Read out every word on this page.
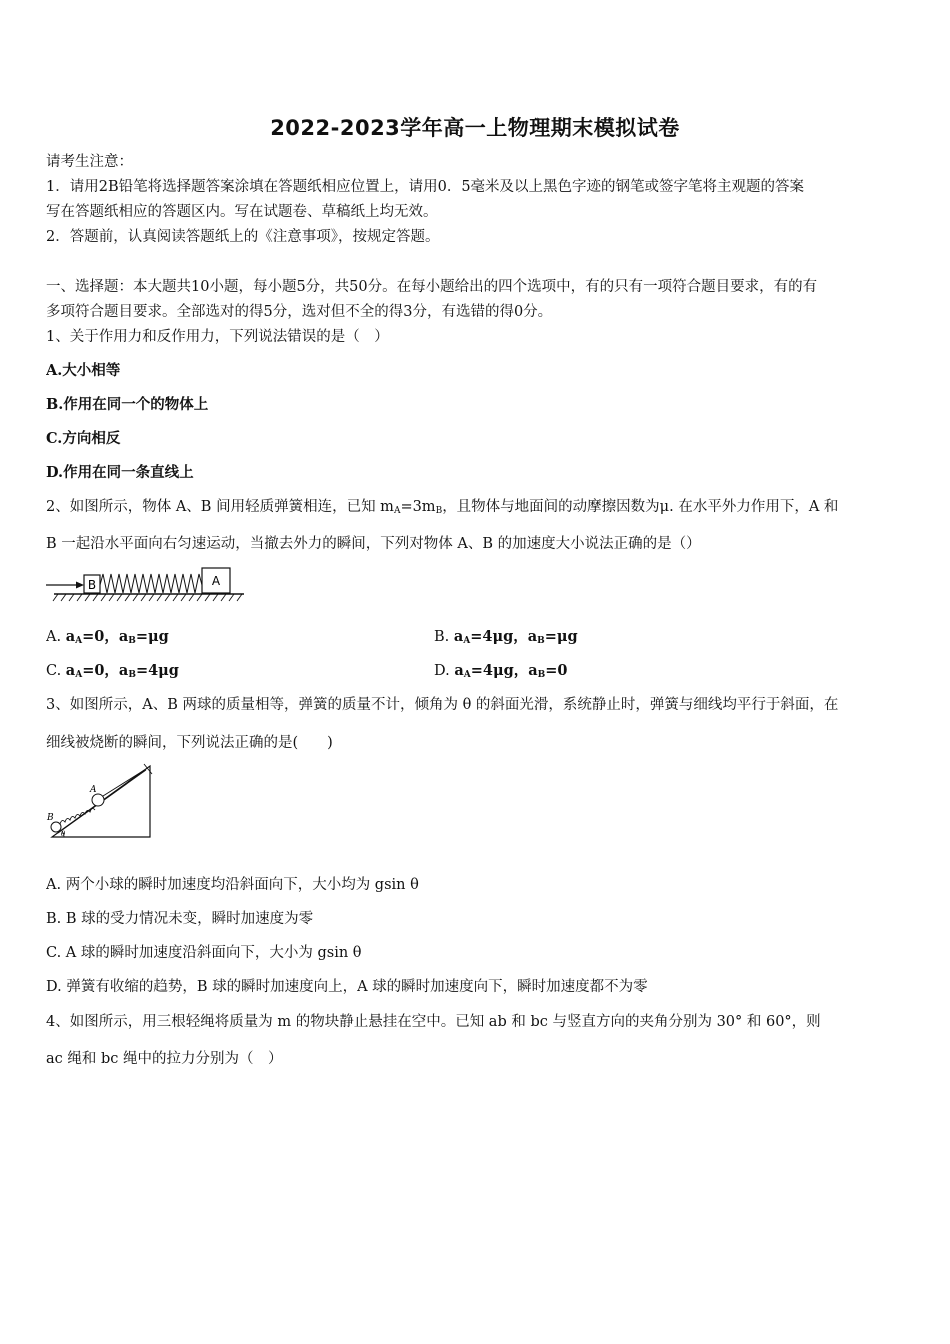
2022-2023学年高一上物理期末模拟试卷
请考生注意：
1．请用2B铅笔将选择题答案涂填在答题纸相应位置上，请用0．5毫米及以上黑色字迹的钢笔或签字笔将主观题的答案
写在答题纸相应的答题区内。写在试题卷、草稿纸上均无效。
2．答题前，认真阅读答题纸上的《注意事项》，按规定答题。
一、选择题：本大题共10小题，每小题5分，共50分。在每小题给出的四个选项中，有的只有一项符合题目要求，有的有
多项符合题目要求。全部选对的得5分，选对但不全的得3分，有选错的得0分。
1、关于作用力和反作用力，下列说法错误的是（　）
A.大小相等
B.作用在同一个的物体上
C.方向相反
D.作用在同一条直线上
2、如图所示，物体 A、B 间用轻质弹簧相连，已知 $m_A=3m_B$，且物体与地面间的动摩擦因数为μ. 在水平外力作用下，A 和
B 一起沿水平面向右匀速运动，当撤去外力的瞬间，下列对物体 A、B 的加速度大小说法正确的是（）
B	A
A. $a_A=0$，$a_B=\mu g$	B. $a_A=4\mu g$，$a_B=\mu g$
C. $a_A=0$，$a_B=4\mu g$	D. $a_A=4\mu g$，$a_B=0$
3、如图所示，A、B 两球的质量相等，弹簧的质量不计，倾角为 θ 的斜面光滑，系统静止时，弹簧与细线均平行于斜面，在
细线被烧断的瞬间，下列说法正确的是(　　)
A
B
θ
A. 两个小球的瞬时加速度均沿斜面向下，大小均为 gsin θ
B. B 球的受力情况未变，瞬时加速度为零
C. A 球的瞬时加速度沿斜面向下，大小为 gsin θ
D. 弹簧有收缩的趋势，B 球的瞬时加速度向上，A 球的瞬时加速度向下，瞬时加速度都不为零
4、如图所示，用三根轻绳将质量为 m 的物块静止悬挂在空中。已知 ab 和 bc 与竖直方向的夹角分别为 30° 和 60°，则
ac 绳和 bc 绳中的拉力分别为（　）
